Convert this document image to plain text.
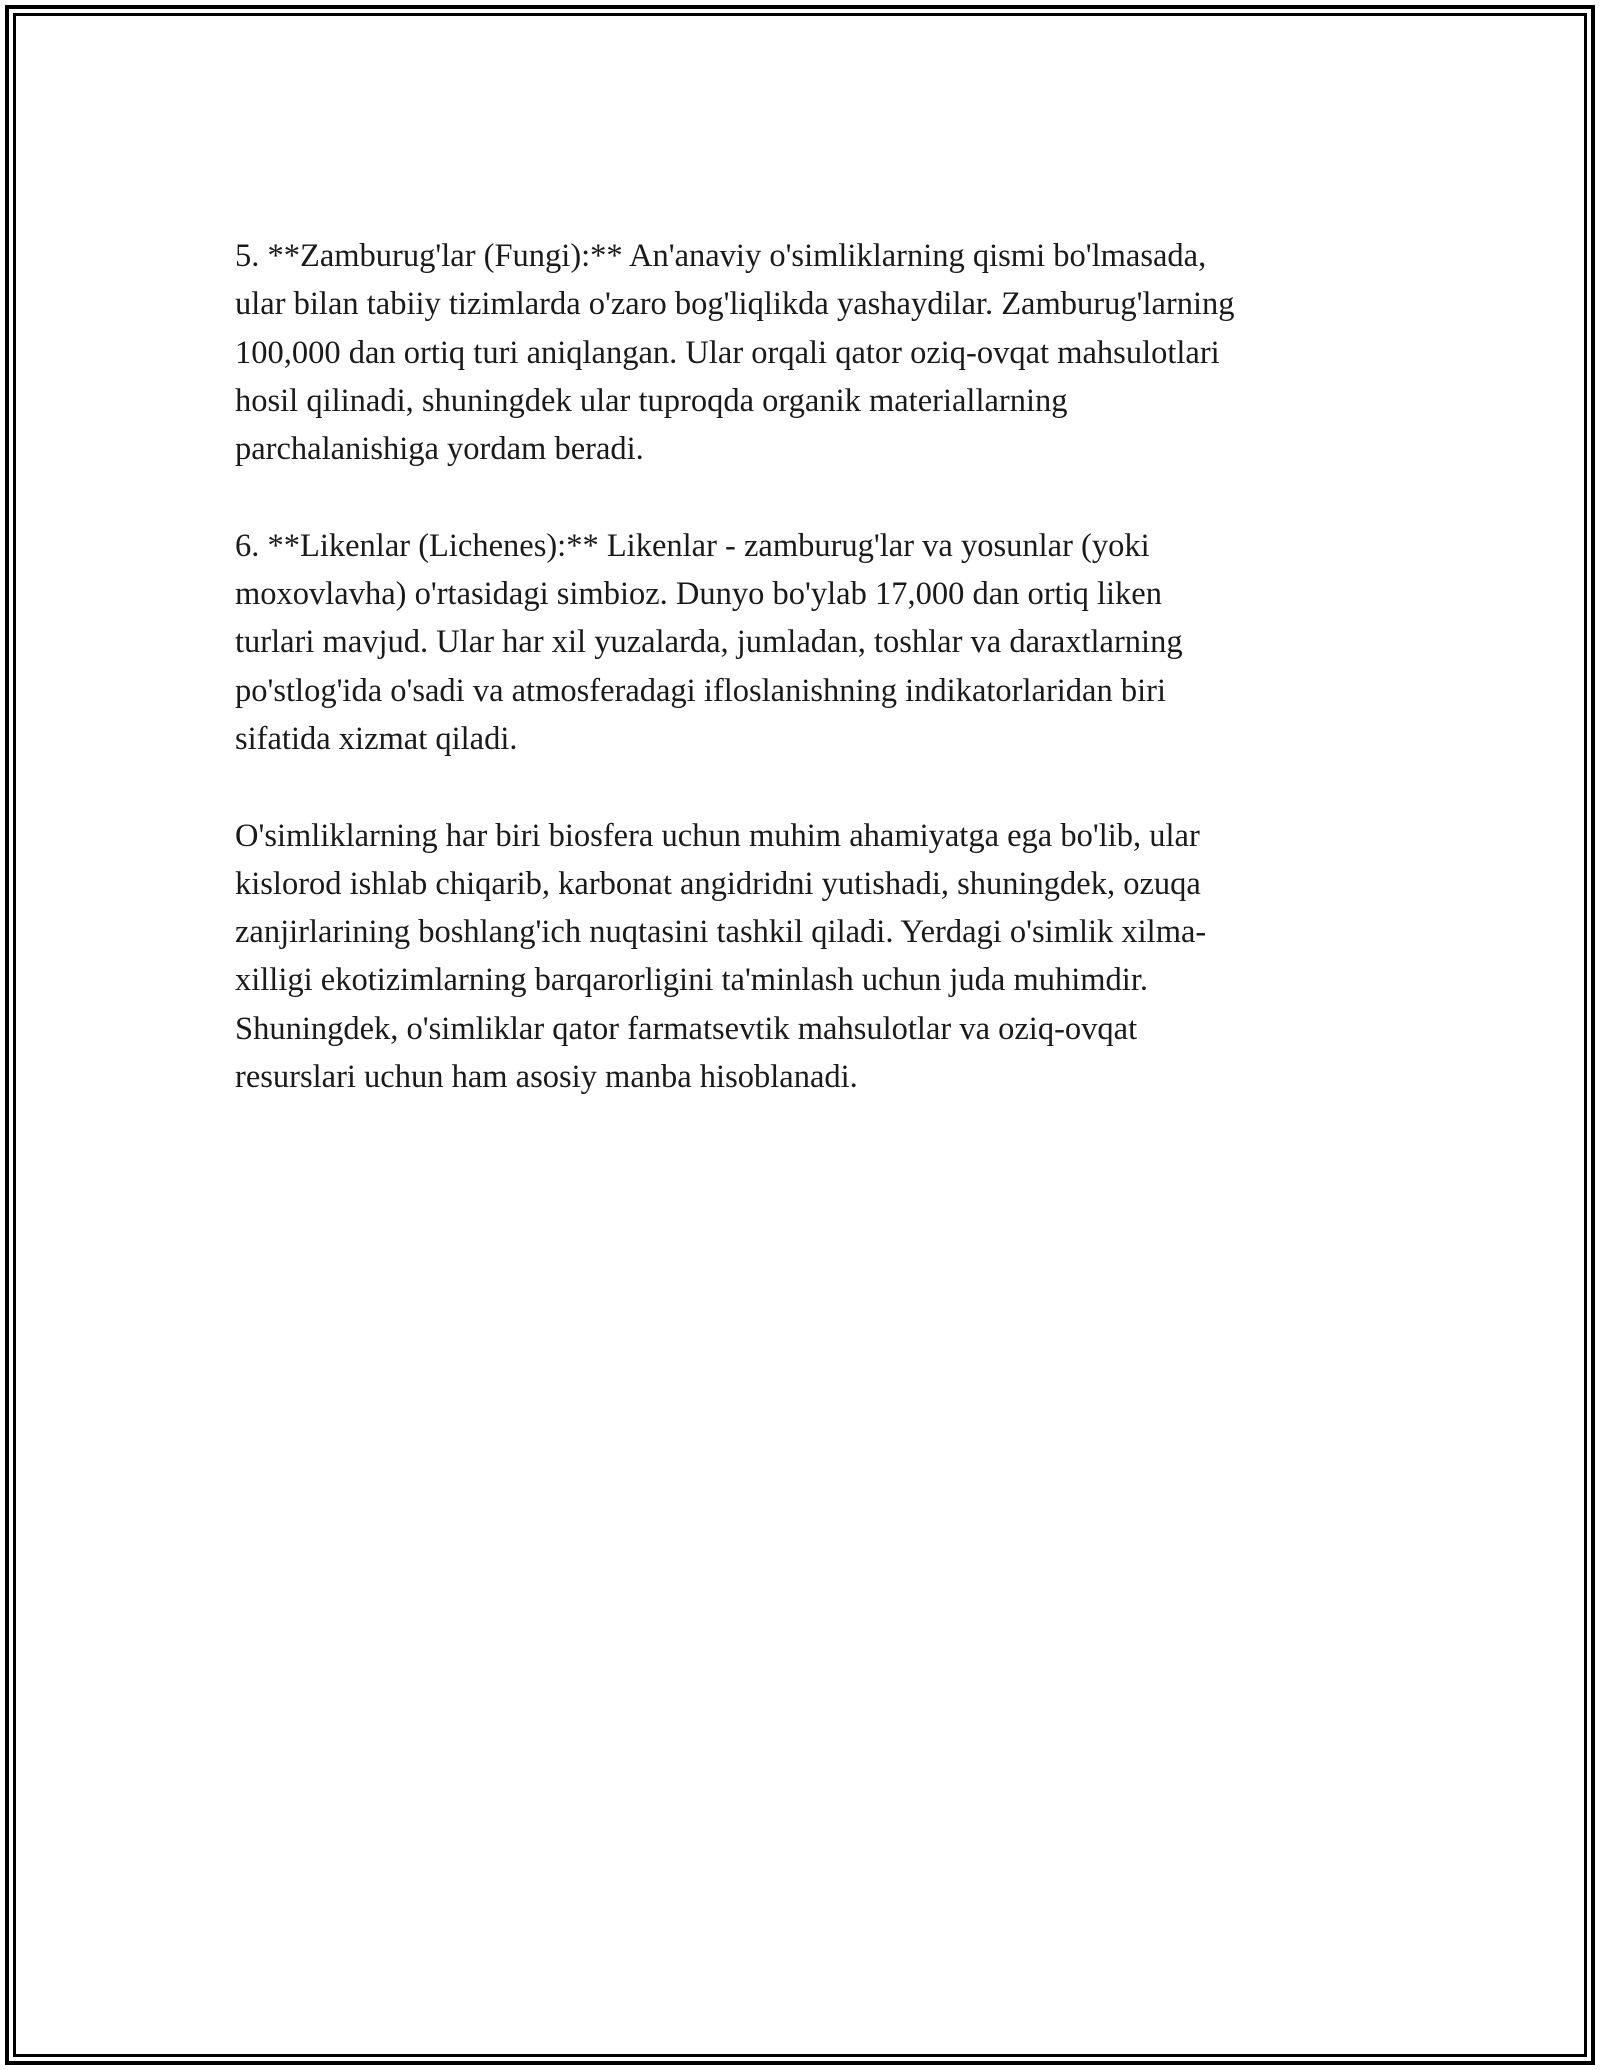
5. **Zamburug'lar (Fungi):** An'anaviy o'simliklarning qismi bo'lmasada,
ular bilan tabiiy tizimlarda o'zaro bog'liqlikda yashaydilar. Zamburug'larning
100,000 dan ortiq turi aniqlangan. Ular orqali qator oziq-ovqat mahsulotlari
hosil qilinadi, shuningdek ular tuproqda organik materiallarning
parchalanishiga yordam beradi.

6. **Likenlar (Lichenes):** Likenlar - zamburug'lar va yosunlar (yoki
moxovlavha) o'rtasidagi simbioz. Dunyo bo'ylab 17,000 dan ortiq liken
turlari mavjud. Ular har xil yuzalarda, jumladan, toshlar va daraxtlarning
po'stlog'ida o'sadi va atmosferadagi ifloslanishning indikatorlaridan biri
sifatida xizmat qiladi.

O'simliklarning har biri biosfera uchun muhim ahamiyatga ega bo'lib, ular
kislorod ishlab chiqarib, karbonat angidridni yutishadi, shuningdek, ozuqa
zanjirlarining boshlang'ich nuqtasini tashkil qiladi. Yerdagi o'simlik xilma-
xilligi ekotizimlarning barqarorligini ta'minlash uchun juda muhimdir.
Shuningdek, o'simliklar qator farmatsevtik mahsulotlar va oziq-ovqat
resurslari uchun ham asosiy manba hisoblanadi.
